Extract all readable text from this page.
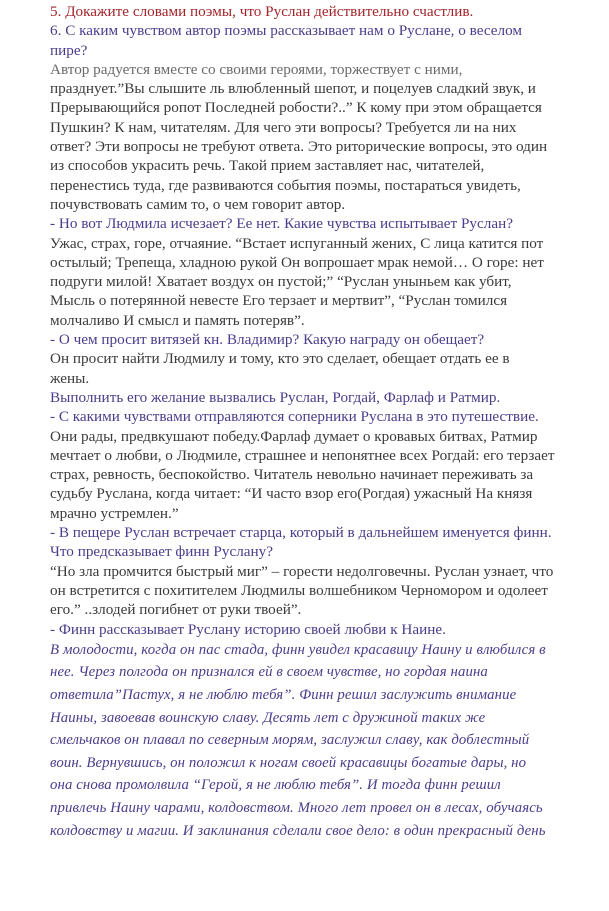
5. Докажите словами поэмы, что Руслан действительно счастлив.
6. С каким чувством автор поэмы рассказывает нам о Руслане, о веселом
пире?
Автор радуется вместе со своими героями, торжествует с ними,
празднует.”Вы слышите ль влюбленный шепот, и поцелуев сладкий звук, и
Прерывающийся ропот Последней робости?..” К кому при этом обращается
Пушкин? К нам, читателям. Для чего эти вопросы? Требуется ли на них
ответ? Эти вопросы не требуют ответа. Это риторические вопросы, это один
из способов украсить речь. Такой прием заставляет нас, читателей,
перенестись туда, где развиваются события поэмы, постараться увидеть,
почувствовать самим то, о чем говорит автор.
- Но вот Людмила исчезает? Ее нет. Какие чувства испытывает Руслан?
Ужас, страх, горе, отчаяние. “Встает испуганный жених, С лица катится пот
остылый; Трепеща, хладною рукой Он вопрошает мрак немой… О горе: нет
подруги милой! Хватает воздух он пустой;” “Руслан уныньем как убит,
Мысль о потерянной невесте Его терзает и мертвит”, “Руслан томился
молчаливо И смысл и память потеряв”.
- О чем просит витязей кн. Владимир? Какую награду он обещает?
Он просит найти Людмилу и тому, кто это сделает, обещает отдать ее в
жены.
Выполнить его желание вызвались Руслан, Рогдай, Фарлаф и Ратмир.
- С какими чувствами отправляются соперники Руслана в это путешествие.
Они рады, предвкушают победу.Фарлаф думает о кровавых битвах, Ратмир
мечтает о любви, о Людмиле, страшнее и непонятнее всех Рогдай: его терзает
страх, ревность, беспокойство. Читатель невольно начинает переживать за
судьбу Руслана, когда читает: “И часто взор его(Рогдая) ужасный На князя
мрачно устремлен.”
- В пещере Руслан встречает старца, который в дальнейшем именуется финн.
Что предсказывает финн Руслану?
“Но зла промчится быстрый миг” – горести недолговечны. Руслан узнает, что
он встретится с похитителем Людмилы волшебником Черномором и одолеет
его.” ..злодей погибнет от руки твоей”.
- Финн рассказывает Руслану историю своей любви к Наине.
В молодости, когда он пас стада, финн увидел красавицу Наину и влюбился в
нее. Через полгода он признался ей в своем чувстве, но гордая наина
ответила”Пастух, я не люблю тебя”. Финн решил заслужить внимание
Наины, завоевав воинскую славу. Десять лет с дружиной таких же
смельчаков он плавал по северным морям, заслужил славу, как доблестный
воин. Вернувшись, он положил к ногам своей красавицы богатые дары, но
она снова промолвила “Герой, я не люблю тебя”. И тогда финн решил
привлечь Наину чарами, колдовством. Много лет провел он в лесах, обучаясь
колдовству и магии. И заклинания сделали свое дело: в один прекрасный день
